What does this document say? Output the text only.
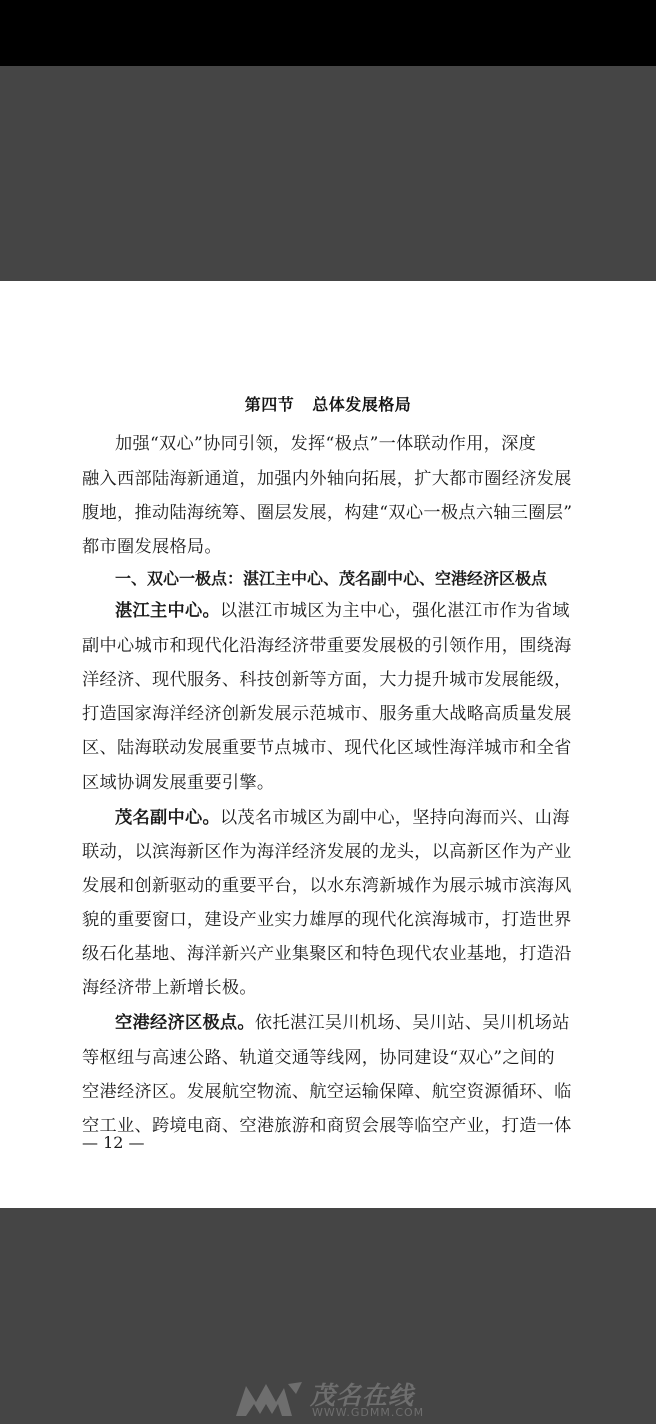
第四节 总体发展格局
加强“双心”协同引领，发挥“极点”一体联动作用，深度
融入西部陆海新通道，加强内外轴向拓展，扩大都市圈经济发展
腹地，推动陆海统筹、圈层发展，构建“双心一极点六轴三圈层”
都市圈发展格局。
一、双心一极点：湛江主中心、茂名副中心、空港经济区极点
湛江主中心。以湛江市城区为主中心，强化湛江市作为省域
副中心城市和现代化沿海经济带重要发展极的引领作用，围绕海
洋经济、现代服务、科技创新等方面，大力提升城市发展能级，
打造国家海洋经济创新发展示范城市、服务重大战略高质量发展
区、陆海联动发展重要节点城市、现代化区域性海洋城市和全省
区域协调发展重要引擎。
茂名副中心。以茂名市城区为副中心，坚持向海而兴、山海
联动，以滨海新区作为海洋经济发展的龙头，以高新区作为产业
发展和创新驱动的重要平台，以水东湾新城作为展示城市滨海风
貌的重要窗口，建设产业实力雄厚的现代化滨海城市，打造世界
级石化基地、海洋新兴产业集聚区和特色现代农业基地，打造沿
海经济带上新增长极。
空港经济区极点。依托湛江吴川机场、吴川站、吴川机场站
等枢纽与高速公路、轨道交通等线网，协同建设“双心”之间的
空港经济区。发展航空物流、航空运输保障、航空资源循环、临
空工业、跨境电商、空港旅游和商贸会展等临空产业，打造一体
— 12 —
茂名在线
WWW.GDMM.COM
